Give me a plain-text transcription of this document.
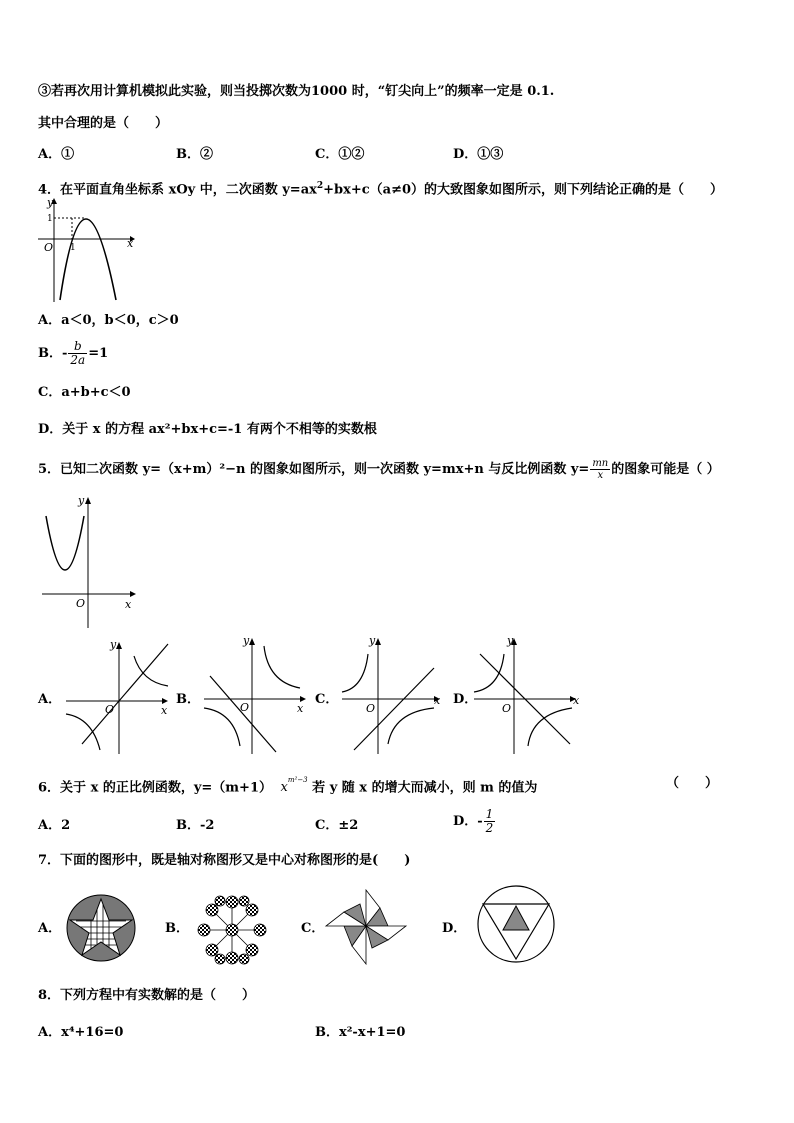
③若再次用计算机模拟此实验，则当投掷次数为1000 时，“钉尖向上”的频率一定是 0.1.
其中合理的是（　　）
A．①	B．②	C．①②	D．①③
4．在平面直角坐标系 xOy 中，二次函数 $y=ax^2+bx+c(a\ne 0)$的大致图象如图所示，则下列结论正确的是（　　）
y
x
O 1
1
A．a＜0，b＜0，c＞0
B．- $\frac{b}{2a} =1$
C．a+b+c＜0
D．关于 x 的方程 ax²+bx+c=-1 有两个不相等的实数根
5．已知二次函数 y=（x+m）²−n 的图象如图所示，则一次函数 y=mx+n 与反比例函数 $y= \frac{mn}{x}$ 的图象可能是（ ）
y
x
O
A．
y
x
O
B．
y
x
O
C．
y
x
O
D．
y
x
O
6．关于 x 的正比例函数，y=（m+1） $x^{m^2-3}$ 若 y 随 x 的增大而减小，则 m 的值为	（　　）
A．2	B．-2	C．±2	D．- $\frac{1}{2}$
7．下面的图形中，既是轴对称图形又是中心对称图形的是(　　)
A．	B．	C．	D．
8．下列方程中有实数解的是（　　）
A．x⁴+16=0	B．x²-x+1=0
